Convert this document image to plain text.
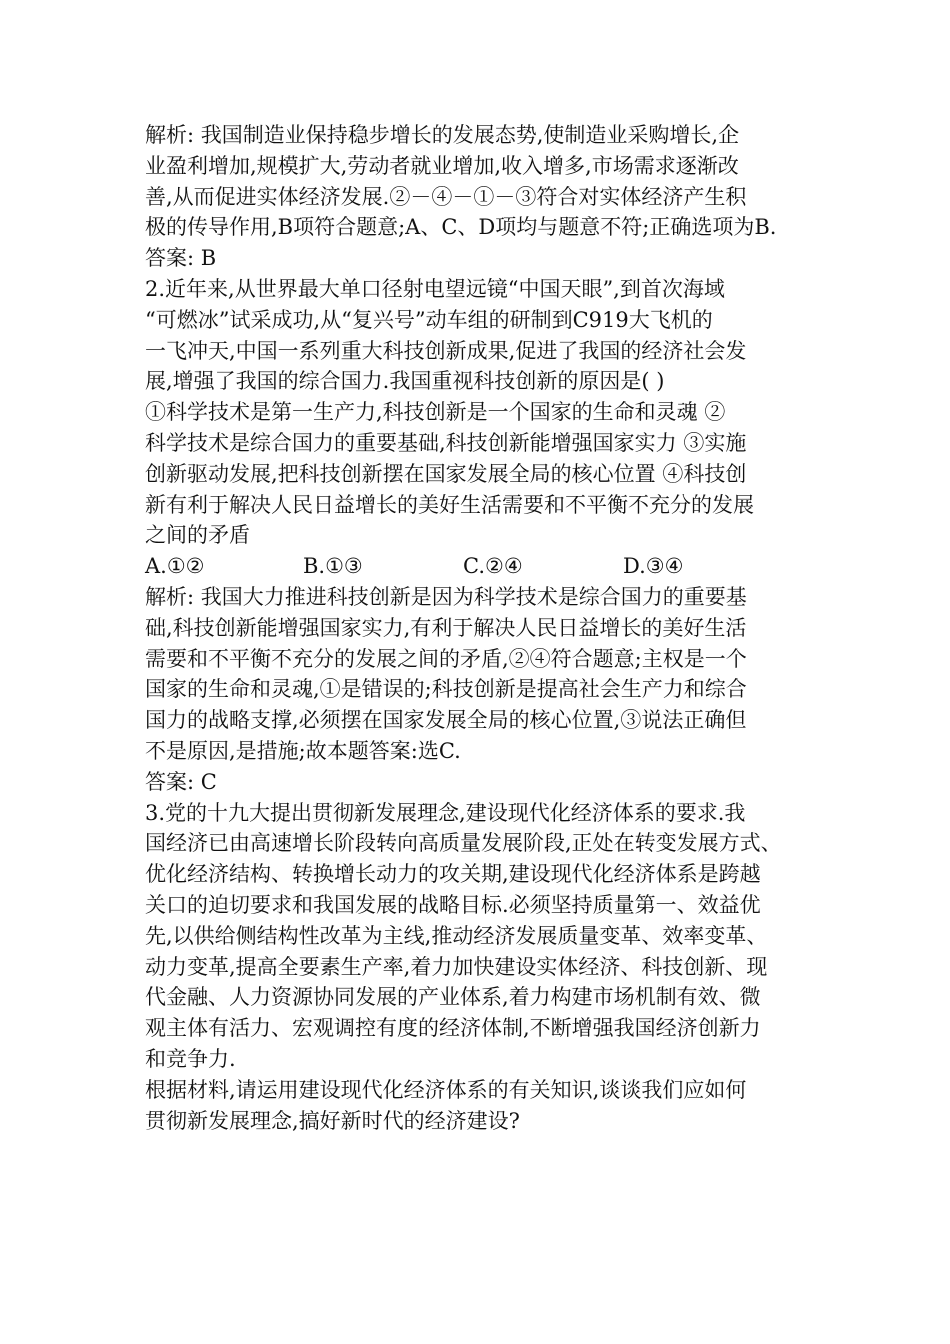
解析: 我国制造业保持稳步增长的发展态势,使制造业采购增长,企
业盈利增加,规模扩大,劳动者就业增加,收入增多,市场需求逐渐改
善,从而促进实体经济发展.②－④－①－③符合对实体经济产生积
极的传导作用,B项符合题意;A、C、D项均与题意不符;正确选项为B.
答案: B
2.近年来,从世界最大单口径射电望远镜“中国天眼”,到首次海域
“可燃冰”试采成功,从“复兴号”动车组的研制到C919大飞机的
一飞冲天,中国一系列重大科技创新成果,促进了我国的经济社会发
展,增强了我国的综合国力.我国重视科技创新的原因是( )
①科学技术是第一生产力,科技创新是一个国家的生命和灵魂 ②
科学技术是综合国力的重要基础,科技创新能增强国家实力 ③实施
创新驱动发展,把科技创新摆在国家发展全局的核心位置 ④科技创
新有利于解决人民日益增长的美好生活需要和不平衡不充分的发展
之间的矛盾
A.①②	B.①③	C.②④	D.③④
解析: 我国大力推进科技创新是因为科学技术是综合国力的重要基
础,科技创新能增强国家实力,有利于解决人民日益增长的美好生活
需要和不平衡不充分的发展之间的矛盾,②④符合题意;主权是一个
国家的生命和灵魂,①是错误的;科技创新是提高社会生产力和综合
国力的战略支撑,必须摆在国家发展全局的核心位置,③说法正确但
不是原因,是措施;故本题答案:选C.
答案: C
3.党的十九大提出贯彻新发展理念,建设现代化经济体系的要求.我
国经济已由高速增长阶段转向高质量发展阶段,正处在转变发展方式、
优化经济结构、转换增长动力的攻关期,建设现代化经济体系是跨越
关口的迫切要求和我国发展的战略目标.必须坚持质量第一、效益优
先,以供给侧结构性改革为主线,推动经济发展质量变革、效率变革、
动力变革,提高全要素生产率,着力加快建设实体经济、科技创新、现
代金融、人力资源协同发展的产业体系,着力构建市场机制有效、微
观主体有活力、宏观调控有度的经济体制,不断增强我国经济创新力
和竞争力.
根据材料,请运用建设现代化经济体系的有关知识,谈谈我们应如何
贯彻新发展理念,搞好新时代的经济建设?
